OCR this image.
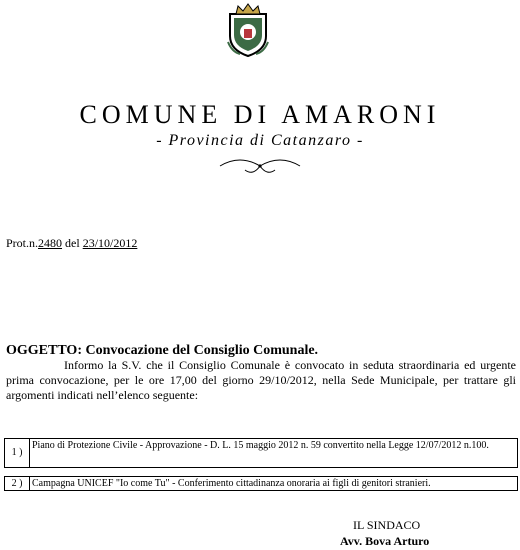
COMUNE DI AMARONI
- Provincia di Catanzaro -
Prot.n.2480 del 23/10/2012
OGGETTO: Convocazione del Consiglio Comunale.
Informo la S.V. che il Consiglio Comunale è convocato in seduta straordinaria ed urgente prima convocazione, per le ore 17,00 del giorno 29/10/2012, nella Sede Municipale, per trattare gli argomenti indicati nell’elenco seguente:
1 )
Piano di Protezione Civile - Approvazione - D. L. 15 maggio 2012 n. 59 convertito nella Legge 12/07/2012 n.100.
2 ) Campagna UNICEF "Io come Tu" - Conferimento cittadinanza onoraria ai figli di genitori stranieri.
IL SINDACO
Avv. Bova Arturo
